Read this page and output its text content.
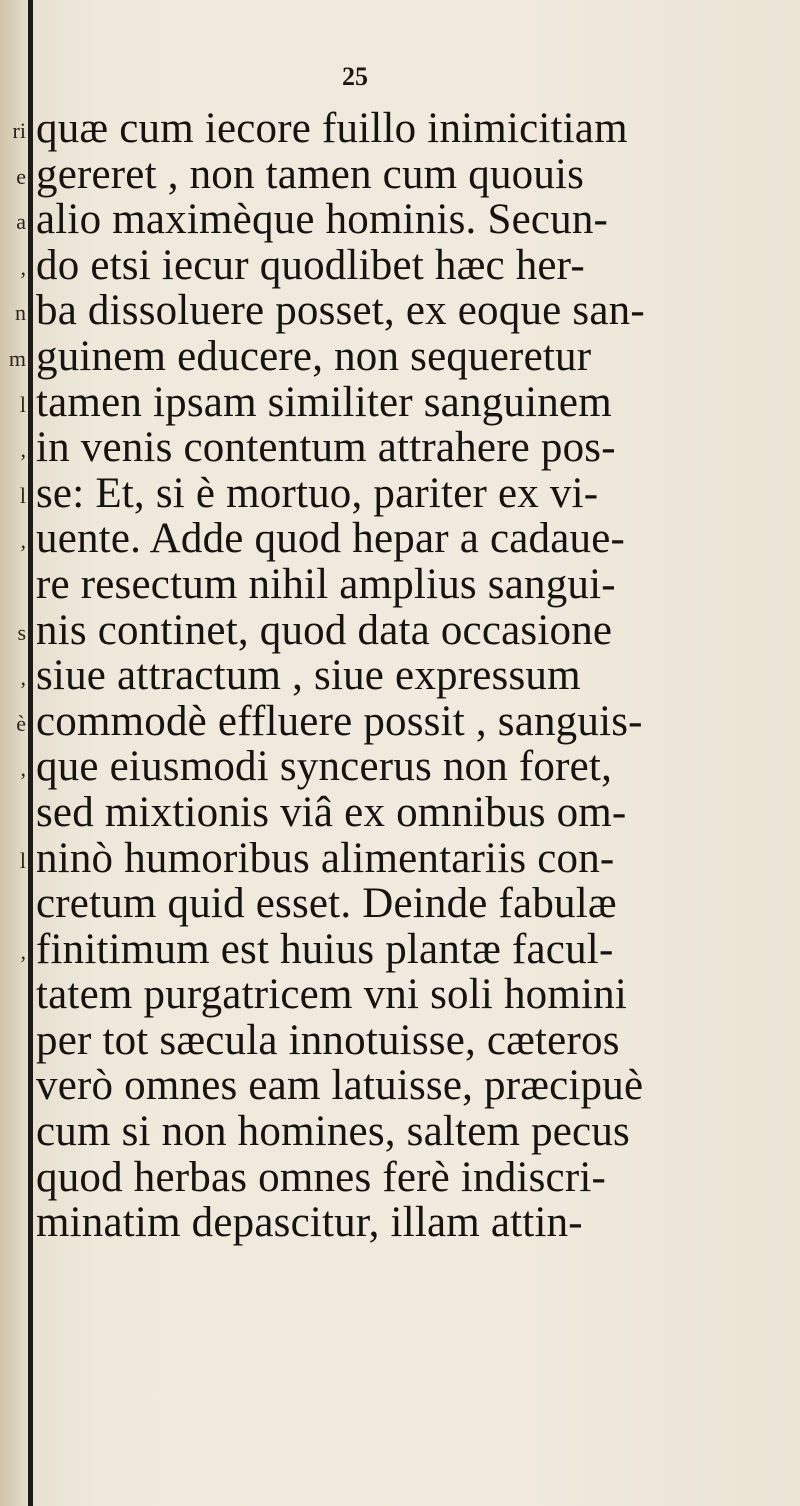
ri
e
a
,
n
m
l
,
l
,
s
,
è
,
l
,
25
quæ cum iecore fuillo inimicitiam
gereret , non tamen cum quouis
alio maximèque hominis. Secun-
do etsi iecur quodlibet hæc her-
ba dissoluere posset, ex eoque san-
guinem educere, non sequeretur
tamen ipsam similiter sanguinem
in venis contentum attrahere pos-
se: Et, si è mortuo, pariter ex vi-
uente. Adde quod hepar a cadaue-
re resectum nihil amplius sangui-
nis continet, quod data occasione
siue attractum , siue expressum
commodè effluere possit , sanguis-
que eiusmodi syncerus non foret,
sed mixtionis viâ ex omnibus om-
ninò humoribus alimentariis con-
cretum quid esset. Deinde fabulæ
finitimum est huius plantæ facul-
tatem purgatricem vni soli homini
per tot sæcula innotuisse, cæteros
verò omnes eam latuisse, præcipuè
cum si non homines, saltem pecus
quod herbas omnes ferè indiscri-
minatim depascitur, illam attin-
